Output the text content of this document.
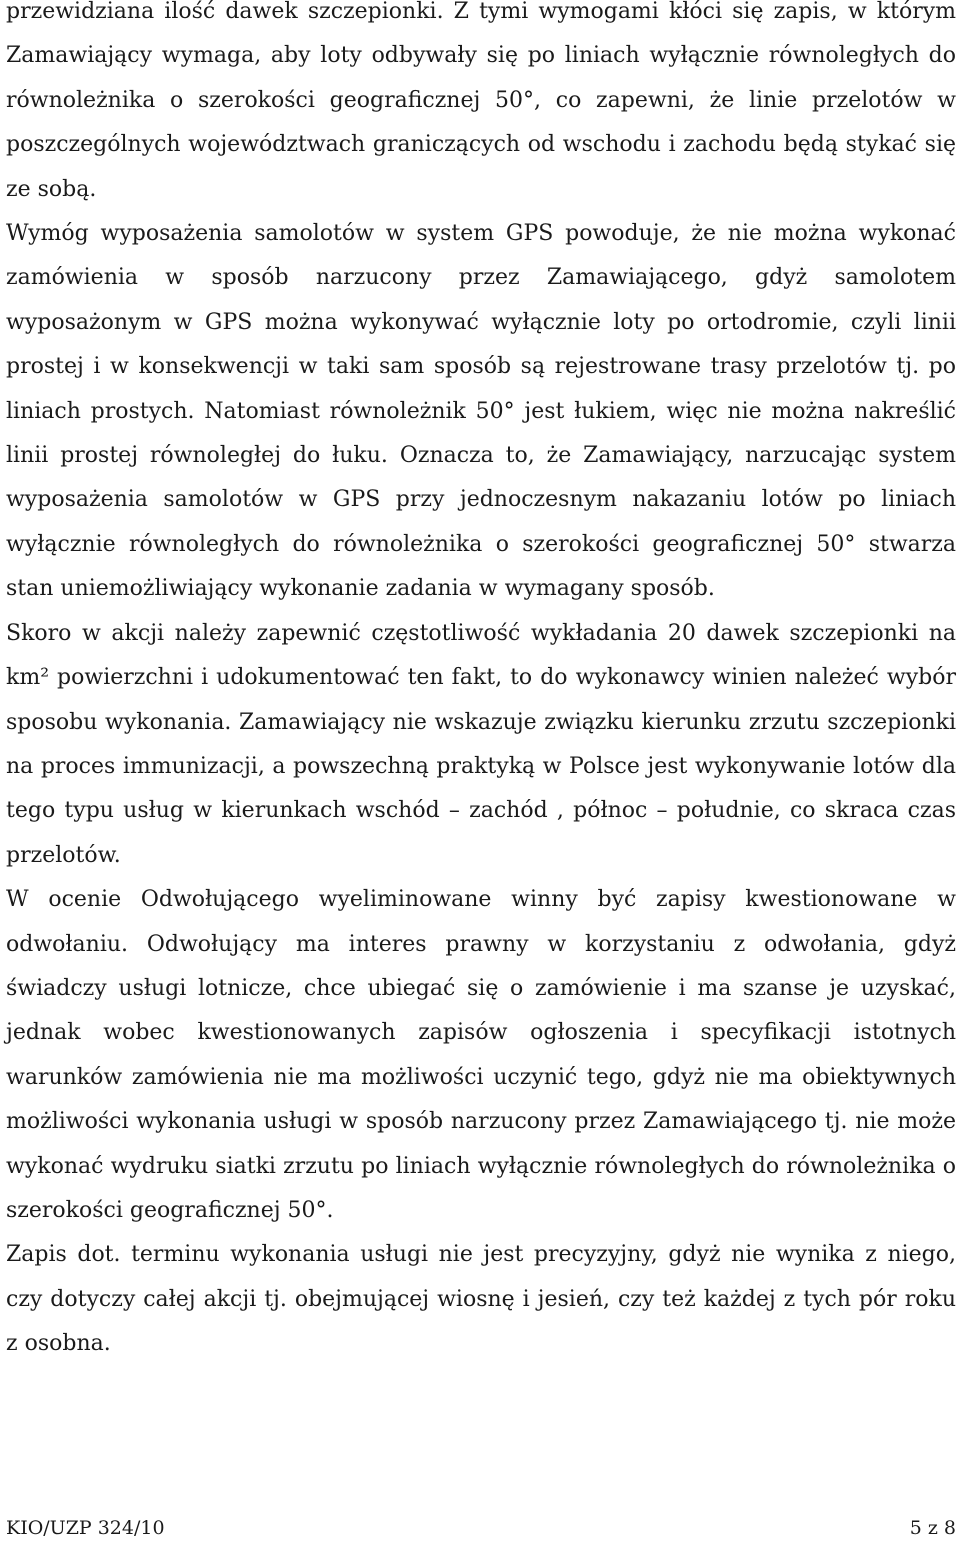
przewidziana ilość dawek szczepionki. Z tymi wymogami kłóci się zapis, w którym Zamawiający wymaga, aby loty odbywały się po liniach wyłącznie równoległych do równoleżnika o szerokości geograficznej 50°, co zapewni, że linie przelotów w poszczególnych województwach graniczących od wschodu i zachodu będą stykać się ze sobą.

Wymóg wyposażenia samolotów w system GPS powoduje, że nie można wykonać zamówienia w sposób narzucony przez Zamawiającego, gdyż samolotem wyposażonym w GPS można wykonywać wyłącznie loty po ortodromie, czyli linii prostej i w konsekwencji w taki sam sposób są rejestrowane trasy przelotów tj. po liniach prostych. Natomiast równoleżnik 50° jest łukiem, więc nie można nakreślić linii prostej równoległej do łuku. Oznacza to, że Zamawiający, narzucając system wyposażenia samolotów w GPS przy jednoczesnym nakazaniu lotów po liniach wyłącznie równoległych do równoleżnika o szerokości geograficznej 50° stwarza stan uniemożliwiający wykonanie zadania w wymagany sposób.

Skoro w akcji należy zapewnić częstotliwość wykładania 20 dawek szczepionki na km² powierzchni i udokumentować ten fakt, to do wykonawcy winien należeć wybór sposobu wykonania. Zamawiający nie wskazuje związku kierunku zrzutu szczepionki na proces immunizacji, a powszechną praktyką w Polsce jest wykonywanie lotów dla tego typu usług w kierunkach wschód – zachód , północ – południe, co skraca czas przelotów.

W ocenie Odwołującego wyeliminowane winny być zapisy kwestionowane w odwołaniu. Odwołujący ma interes prawny w korzystaniu z odwołania, gdyż świadczy usługi lotnicze, chce ubiegać się o zamówienie i ma szanse je uzyskać, jednak wobec kwestionowanych zapisów ogłoszenia i specyfikacji istotnych warunków zamówienia nie ma możliwości uczynić tego, gdyż nie ma obiektywnych możliwości wykonania usługi w sposób narzucony przez Zamawiającego tj. nie może wykonać wydruku siatki zrzutu po liniach wyłącznie równoległych do równoleżnika o szerokości geograficznej 50°.

Zapis dot. terminu wykonania usługi nie jest precyzyjny, gdyż nie wynika z niego, czy dotyczy całej akcji tj. obejmującej wiosnę i jesień, czy też każdej z tych pór roku z osobna.

KIO/UZP 324/10	5 z 8
